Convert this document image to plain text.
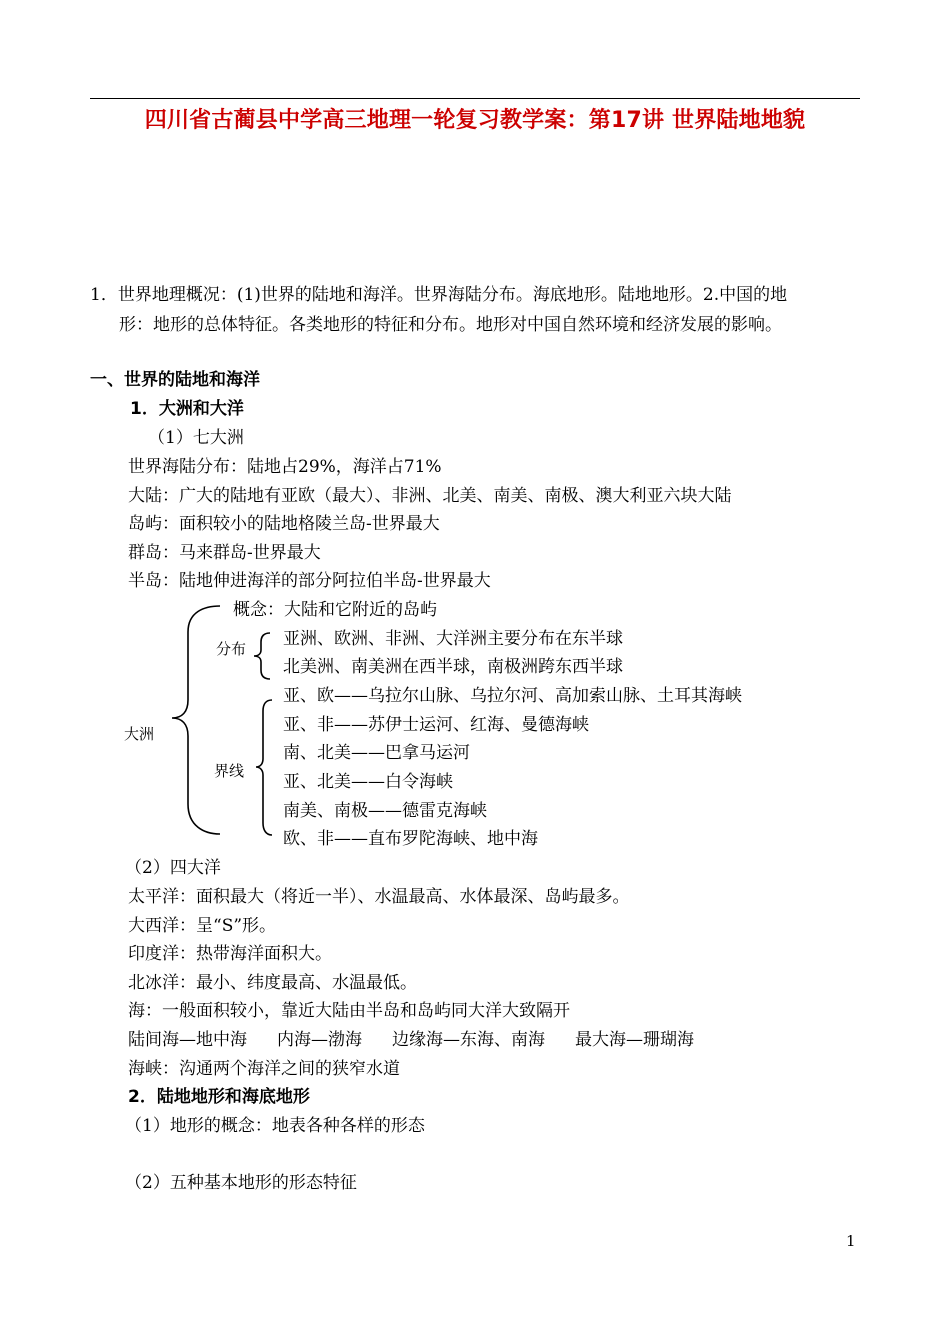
四川省古蔺县中学高三地理一轮复习教学案：第17讲 世界陆地地貌
1．世界地理概况：(1)世界的陆地和海洋。世界海陆分布。海底地形。陆地地形。2.中国的地
形：地形的总体特征。各类地形的特征和分布。地形对中国自然环境和经济发展的影响。
一、世界的陆地和海洋
1．大洲和大洋
（1）七大洲
世界海陆分布：陆地占29%，海洋占71%
大陆：广大的陆地有亚欧（最大）、非洲、北美、南美、南极、澳大利亚六块大陆
岛屿：面积较小的陆地格陵兰岛-世界最大
群岛：马来群岛-世界最大
半岛：陆地伸进海洋的部分阿拉伯半岛-世界最大
大洲
概念：大陆和它附近的岛屿
分布 亚洲、欧洲、非洲、大洋洲主要分布在东半球
北美洲、南美洲在西半球，南极洲跨东西半球
界线
亚、欧——乌拉尔山脉、乌拉尔河、高加索山脉、土耳其海峡
亚、非——苏伊士运河、红海、曼德海峡
南、北美——巴拿马运河
亚、北美——白令海峡
南美、南极——德雷克海峡
欧、非——直布罗陀海峡、地中海
（2）四大洋
太平洋：面积最大（将近一半）、水温最高、水体最深、岛屿最多。
大西洋：呈“S”形。
印度洋：热带海洋面积大。
北冰洋：最小、纬度最高、水温最低。
海：一般面积较小，靠近大陆由半岛和岛屿同大洋大致隔开
陆间海—地中海 内海—渤海 边缘海—东海、南海 最大海—珊瑚海
海峡：沟通两个海洋之间的狭窄水道
2．陆地地形和海底地形
（1）地形的概念：地表各种各样的形态
（2）五种基本地形的形态特征
1
